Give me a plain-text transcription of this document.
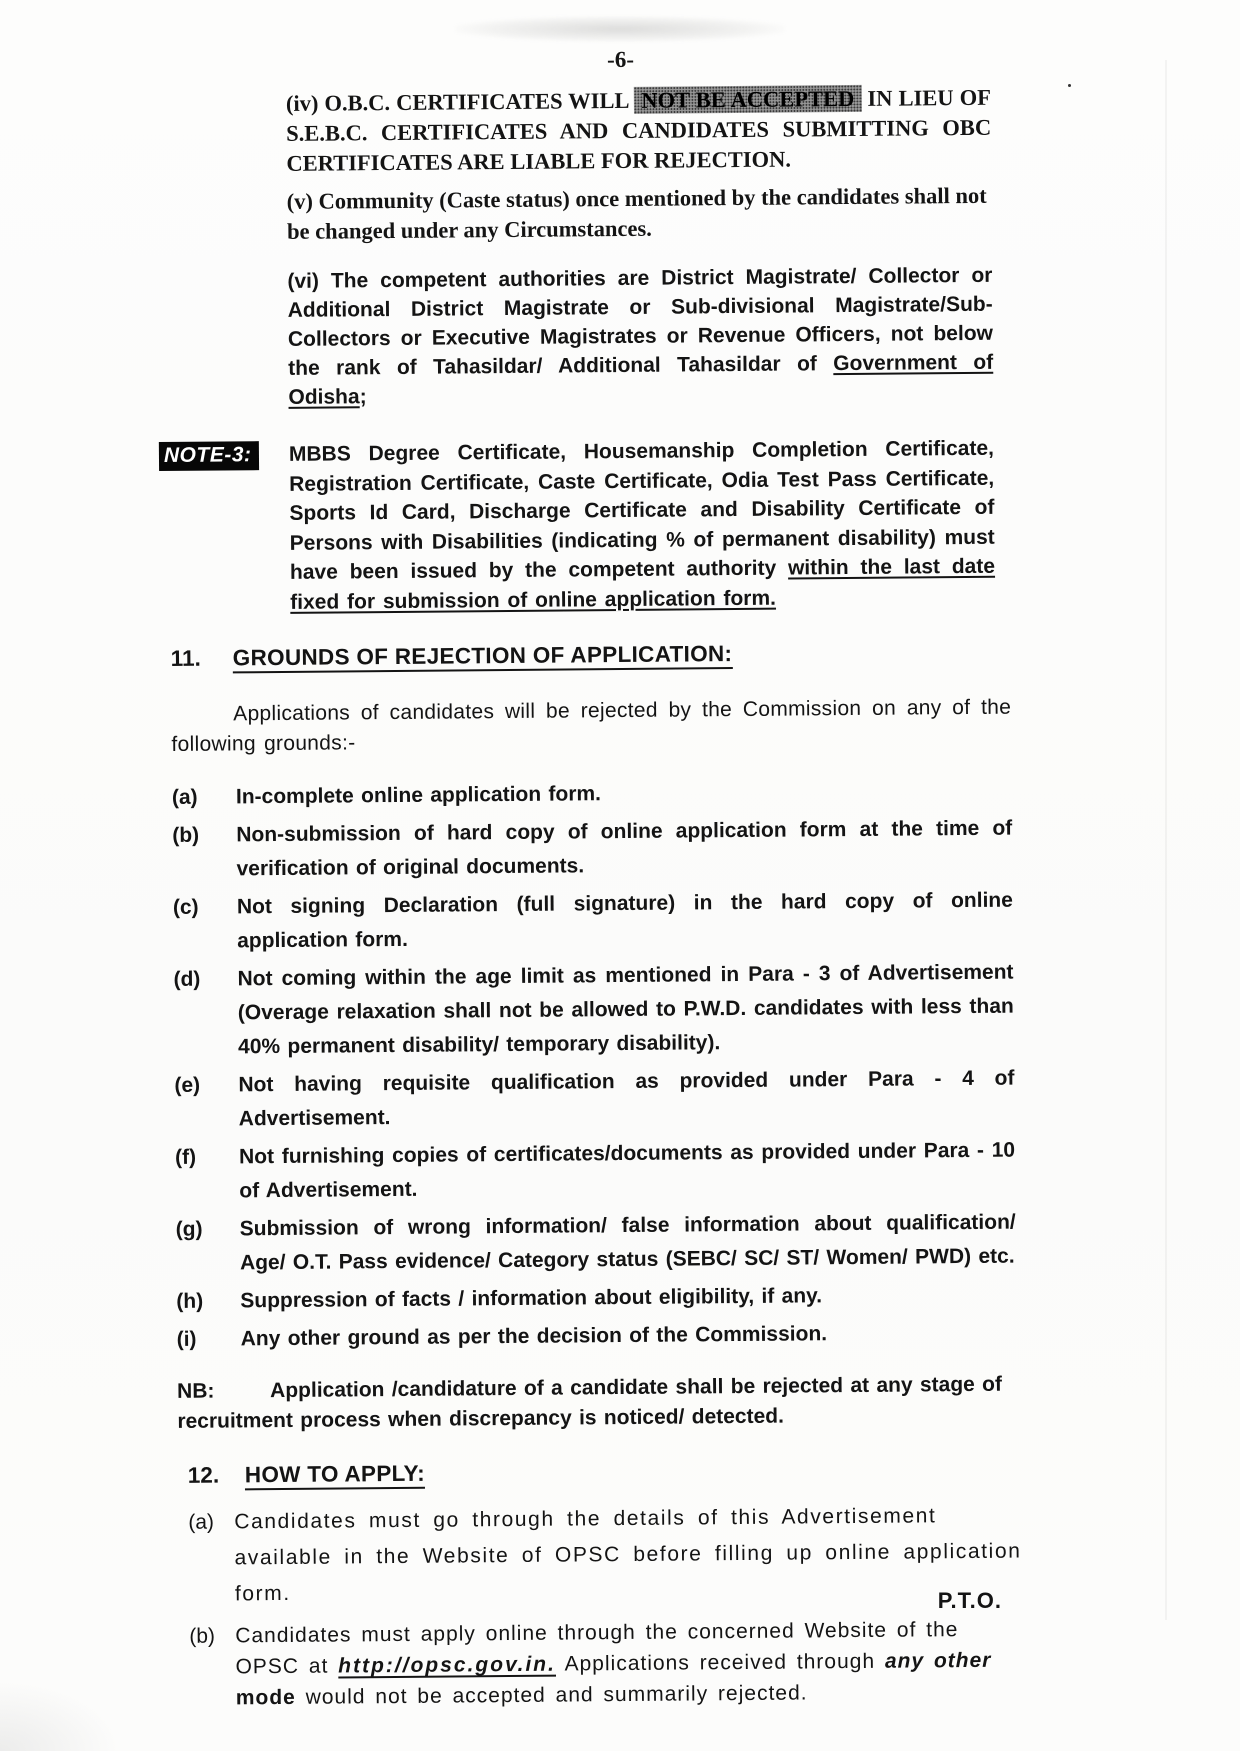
-6-

(iv) O.B.C. CERTIFICATES WILL NOT BE ACCEPTED IN LIEU OF S.E.B.C. CERTIFICATES AND CANDIDATES SUBMITTING OBC CERTIFICATES ARE LIABLE FOR REJECTION.

(v) Community (Caste status) once mentioned by the candidates shall not be changed under any Circumstances.

(vi) The competent authorities are District Magistrate/ Collector or Additional District Magistrate or Sub-divisional Magistrate/Sub-Collectors or Executive Magistrates or Revenue Officers, not below the rank of Tahasildar/ Additional Tahasildar of Government of Odisha;

NOTE-3:	MBBS Degree Certificate, Housemanship Completion Certificate, Registration Certificate, Caste Certificate, Odia Test Pass Certificate, Sports Id Card, Discharge Certificate and Disability Certificate of Persons with Disabilities (indicating % of permanent disability) must have been issued by the competent authority within the last date fixed for submission of online application form.

11. GROUNDS OF REJECTION OF APPLICATION:

Applications of candidates will be rejected by the Commission on any of the following grounds:-

(a)	In-complete online application form.
(b)	Non-submission of hard copy of online application form at the time of verification of original documents.
(c)	Not signing Declaration (full signature) in the hard copy of online application form.
(d)	Not coming within the age limit as mentioned in Para - 3 of Advertisement (Overage relaxation shall not be allowed to P.W.D. candidates with less than 40% permanent disability/ temporary disability).
(e)	Not having requisite qualification as provided under Para - 4 of Advertisement.
(f)	Not furnishing copies of certificates/documents as provided under Para - 10 of Advertisement.
(g)	Submission of wrong information/ false information about qualification/ Age/ O.T. Pass evidence/ Category status (SEBC/ SC/ ST/ Women/ PWD) etc.
(h)	Suppression of facts / information about eligibility, if any.
(i)	Any other ground as per the decision of the Commission.

NB:	Application /candidature of a candidate shall be rejected at any stage of recruitment process when discrepancy is noticed/ detected.

12. HOW TO APPLY:
(a) Candidates must go through the details of this Advertisement available in the Website of OPSC before filling up online application form.
(b) Candidates must apply online through the concerned Website of the OPSC at http://opsc.gov.in. Applications received through any other mode would not be accepted and summarily rejected.
P.T.O.
